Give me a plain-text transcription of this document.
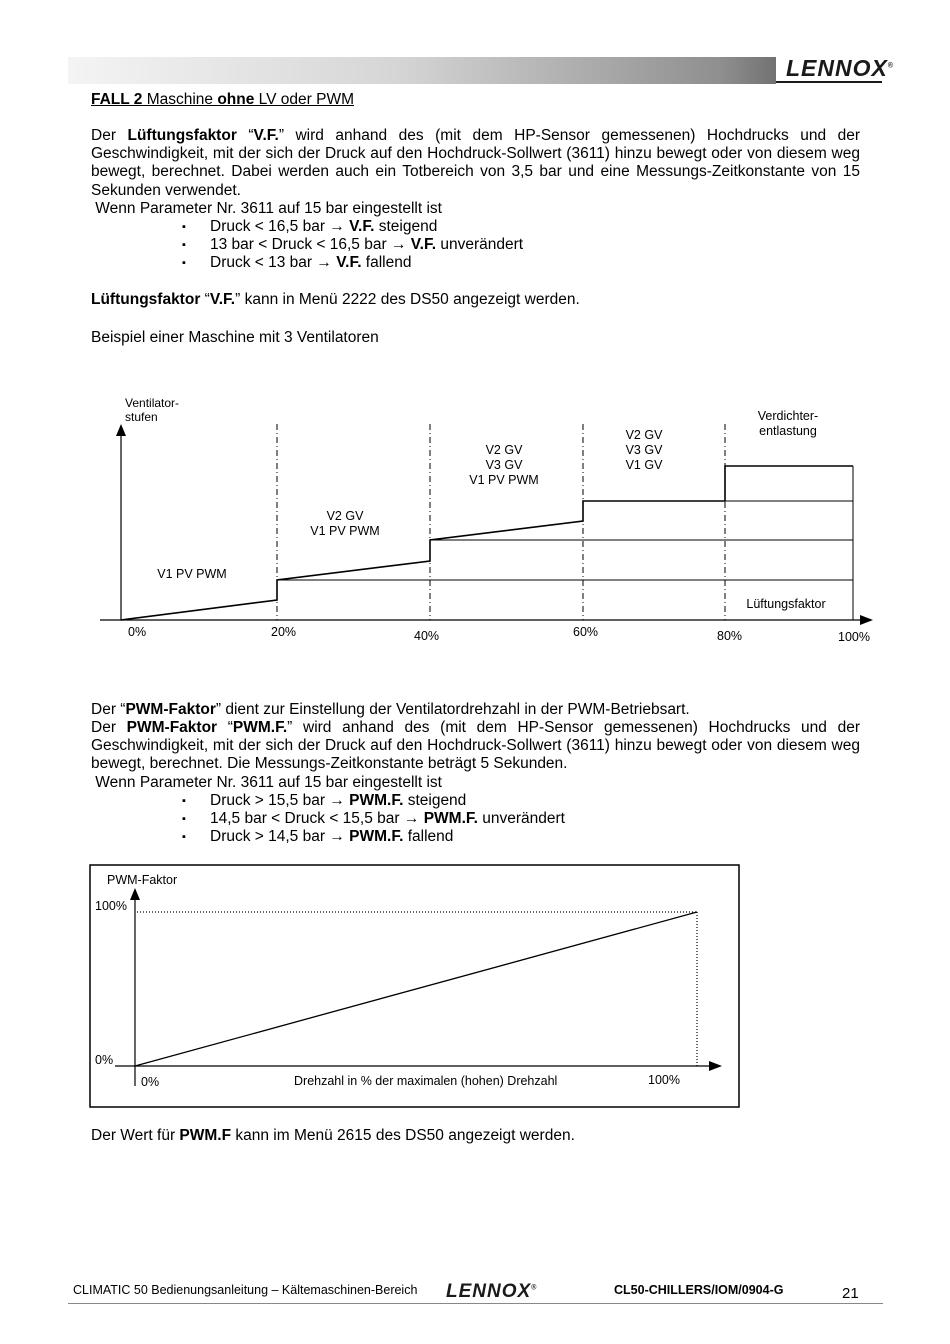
LENNOX®
FALL 2 Maschine ohne LV oder PWM
Der Lüftungsfaktor “V.F.” wird anhand des (mit dem HP-Sensor gemessenen) Hochdrucks und der Geschwindigkeit, mit der sich der Druck auf den Hochdruck-Sollwert (3611) hinzu bewegt oder von diesem weg bewegt, berechnet. Dabei werden auch ein Totbereich von 3,5 bar und eine Messungs-Zeitkonstante von 15 Sekunden verwendet.
Wenn Parameter Nr. 3611 auf 15 bar eingestellt ist
▪ Druck < 16,5 bar → V.F. steigend
▪ 13 bar < Druck < 16,5 bar → V.F. unverändert
▪ Druck < 13 bar → V.F. fallend
Lüftungsfaktor “V.F.” kann in Menü 2222 des DS50 angezeigt werden.
Beispiel einer Maschine mit 3 Ventilatoren
Ventilator-
stufen
V1 PV PWM
V2 GV
V1 PV PWM
V2 GV
V3 GV
V1 PV PWM
V2 GV
V3 GV
V1 GV
Verdichter-
entlastung
Lüftungsfaktor
0%	20%	40%	60%	80%	100%
Der “PWM-Faktor” dient zur Einstellung der Ventilatordrehzahl in der PWM-Betriebsart.
Der PWM-Faktor “PWM.F.” wird anhand des (mit dem HP-Sensor gemessenen) Hochdrucks und der Geschwindigkeit, mit der sich der Druck auf den Hochdruck-Sollwert (3611) hinzu bewegt oder von diesem weg bewegt, berechnet. Die Messungs-Zeitkonstante beträgt 5 Sekunden.
Wenn Parameter Nr. 3611 auf 15 bar eingestellt ist
▪ Druck > 15,5 bar → PWM.F. steigend
▪ 14,5 bar < Druck < 15,5 bar → PWM.F. unverändert
▪ Druck > 14,5 bar → PWM.F. fallend
PWM-Faktor
100%
0%
0%	Drehzahl in % der maximalen (hohen) Drehzahl	100%
Der Wert für PWM.F kann im Menü 2615 des DS50 angezeigt werden.
CLIMATIC 50 Bedienungsanleitung – Kältemaschinen-Bereich LENNOX®	CL50-CHILLERS/IOM/0904-G	21
